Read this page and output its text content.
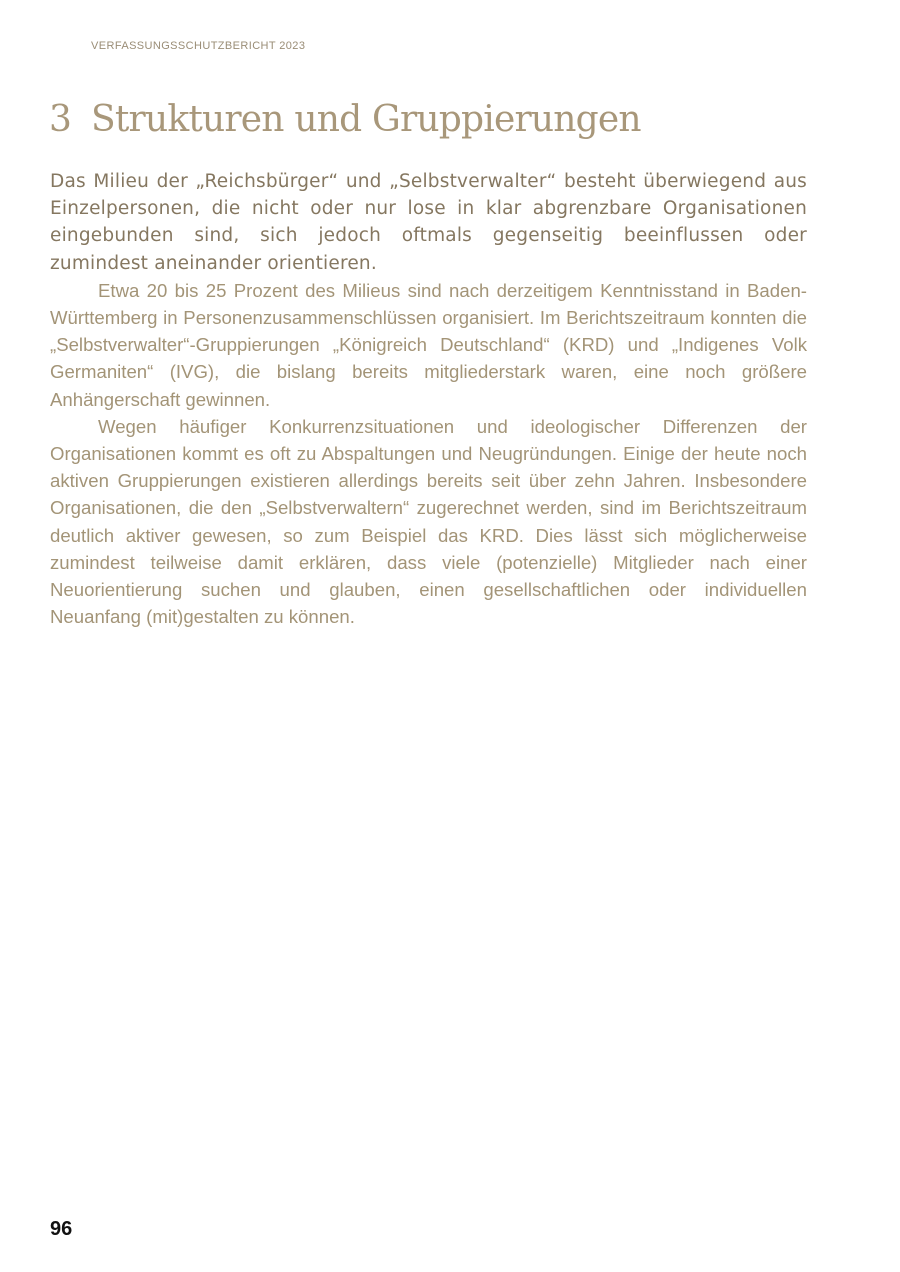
VERFASSUNGSSCHUTZBERICHT 2023
3 Strukturen und Gruppierungen

Das Milieu der „Reichsbürger“ und „Selbstverwalter“ besteht überwiegend aus Einzelpersonen, die nicht oder nur lose in klar abgrenzbare Organisationen eingebunden sind, sich jedoch oftmals gegenseitig beeinflussen oder zumindest aneinander orientieren.

Etwa 20 bis 25 Prozent des Milieus sind nach derzeitigem Kenntnisstand in Baden-Württemberg in Personenzusammenschlüssen organisiert. Im Berichtszeitraum konnten die „Selbstverwalter“-Gruppierungen „Königreich Deutschland“ (KRD) und „Indigenes Volk Germaniten“ (IVG), die bislang bereits mitgliederstark waren, eine noch größere Anhängerschaft gewinnen.

Wegen häufiger Konkurrenzsituationen und ideologischer Differenzen der Organisationen kommt es oft zu Abspaltungen und Neugründungen. Einige der heute noch aktiven Gruppierungen existieren allerdings bereits seit über zehn Jahren. Insbesondere Organisationen, die den „Selbstverwaltern“ zugerechnet werden, sind im Berichtszeitraum deutlich aktiver gewesen, so zum Beispiel das KRD. Dies lässt sich möglicherweise zumindest teilweise damit erklären, dass viele (potenzielle) Mitglieder nach einer Neuorientierung suchen und glauben, einen gesellschaftlichen oder individuellen Neuanfang (mit)gestalten zu können.

96
